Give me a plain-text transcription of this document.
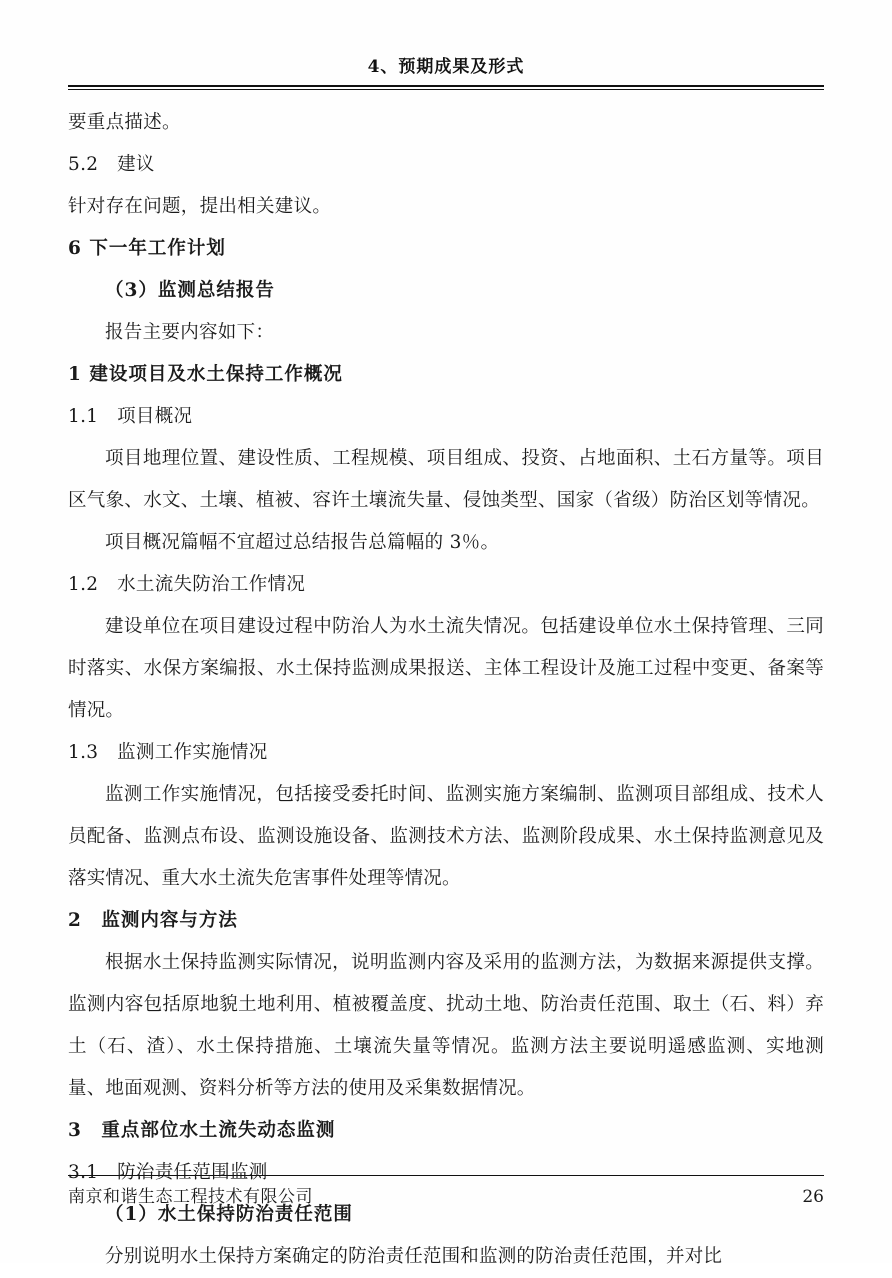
4、预期成果及形式

要重点描述。

5.2　建议

针对存在问题，提出相关建议。

6 下一年工作计划

（3）监测总结报告

报告主要内容如下：

1 建设项目及水土保持工作概况

1.1　项目概况

项目地理位置、建设性质、工程规模、项目组成、投资、占地面积、土石方量等。项目区气象、水文、土壤、植被、容许土壤流失量、侵蚀类型、国家（省级）防治区划等情况。

项目概况篇幅不宜超过总结报告总篇幅的 3％。

1.2　水土流失防治工作情况

建设单位在项目建设过程中防治人为水土流失情况。包括建设单位水土保持管理、三同时落实、水保方案编报、水土保持监测成果报送、主体工程设计及施工过程中变更、备案等情况。

1.3　监测工作实施情况

监测工作实施情况，包括接受委托时间、监测实施方案编制、监测项目部组成、技术人员配备、监测点布设、监测设施设备、监测技术方法、监测阶段成果、水土保持监测意见及落实情况、重大水土流失危害事件处理等情况。

2　监测内容与方法

根据水土保持监测实际情况，说明监测内容及采用的监测方法，为数据来源提供支撑。监测内容包括原地貌土地利用、植被覆盖度、扰动土地、防治责任范围、取土（石、料）弃土（石、渣）、水土保持措施、土壤流失量等情况。监测方法主要说明遥感监测、实地测量、地面观测、资料分析等方法的使用及采集数据情况。

3　重点部位水土流失动态监测

3.1　防治责任范围监测

（1）水土保持防治责任范围

分别说明水土保持方案确定的防治责任范围和监测的防治责任范围，并对比

南京和谐生态工程技术有限公司	26
